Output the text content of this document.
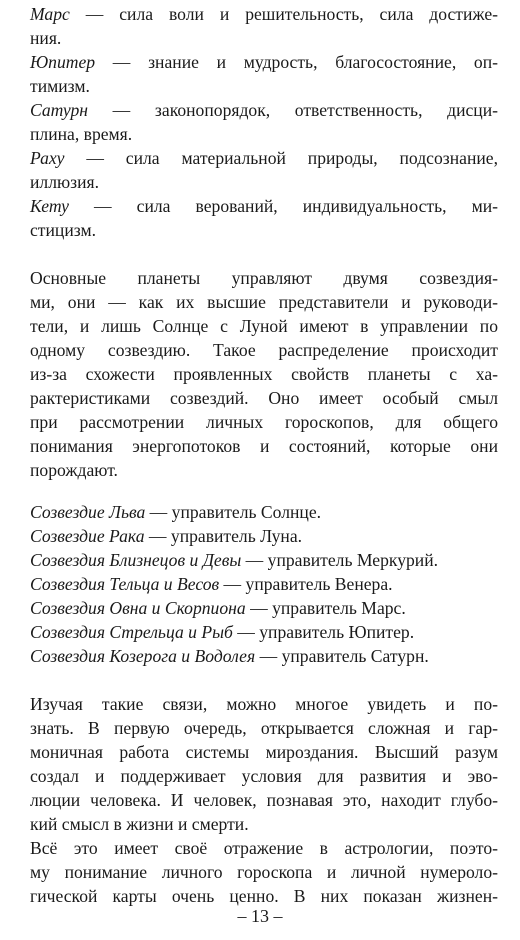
Марс — сила воли и решительность, сила достиже-
ния.
Юпитер — знание и мудрость, благосостояние, оп-
тимизм.
Сатурн — законопорядок, ответственность, дисци-
плина, время.
Раху — сила материальной природы, подсознание,
иллюзия.
Кету — сила верований, индивидуальность, ми-
стицизм.
Основные планеты управляют двумя созвездия-
ми, они — как их высшие представители и руководи-
тели, и лишь Солнце с Луной имеют в управлении по
одному созвездию. Такое распределение происходит
из-за схожести проявленных свойств планеты с ха-
рактеристиками созвездий. Оно имеет особый смыл
при рассмотрении личных гороскопов, для общего
понимания энергопотоков и состояний, которые они
порождают.
Созвездие Льва — управитель Солнце.
Созвездие Рака — управитель Луна.
Созвездия Близнецов и Девы — управитель Меркурий.
Созвездия Тельца и Весов — управитель Венера.
Созвездия Овна и Скорпиона — управитель Марс.
Созвездия Стрельца и Рыб — управитель Юпитер.
Созвездия Козерога и Водолея — управитель Сатурн.
Изучая такие связи, можно многое увидеть и по-
знать. В первую очередь, открывается сложная и гар-
моничная работа системы мироздания. Высший разум
создал и поддерживает условия для развития и эво-
люции человека. И человек, познавая это, находит глубо-
кий смысл в жизни и смерти.
Всё это имеет своё отражение в астрологии, поэто-
му понимание личного гороскопа и личной нумероло-
гической карты очень ценно. В них показан жизнен-
– 13 –
